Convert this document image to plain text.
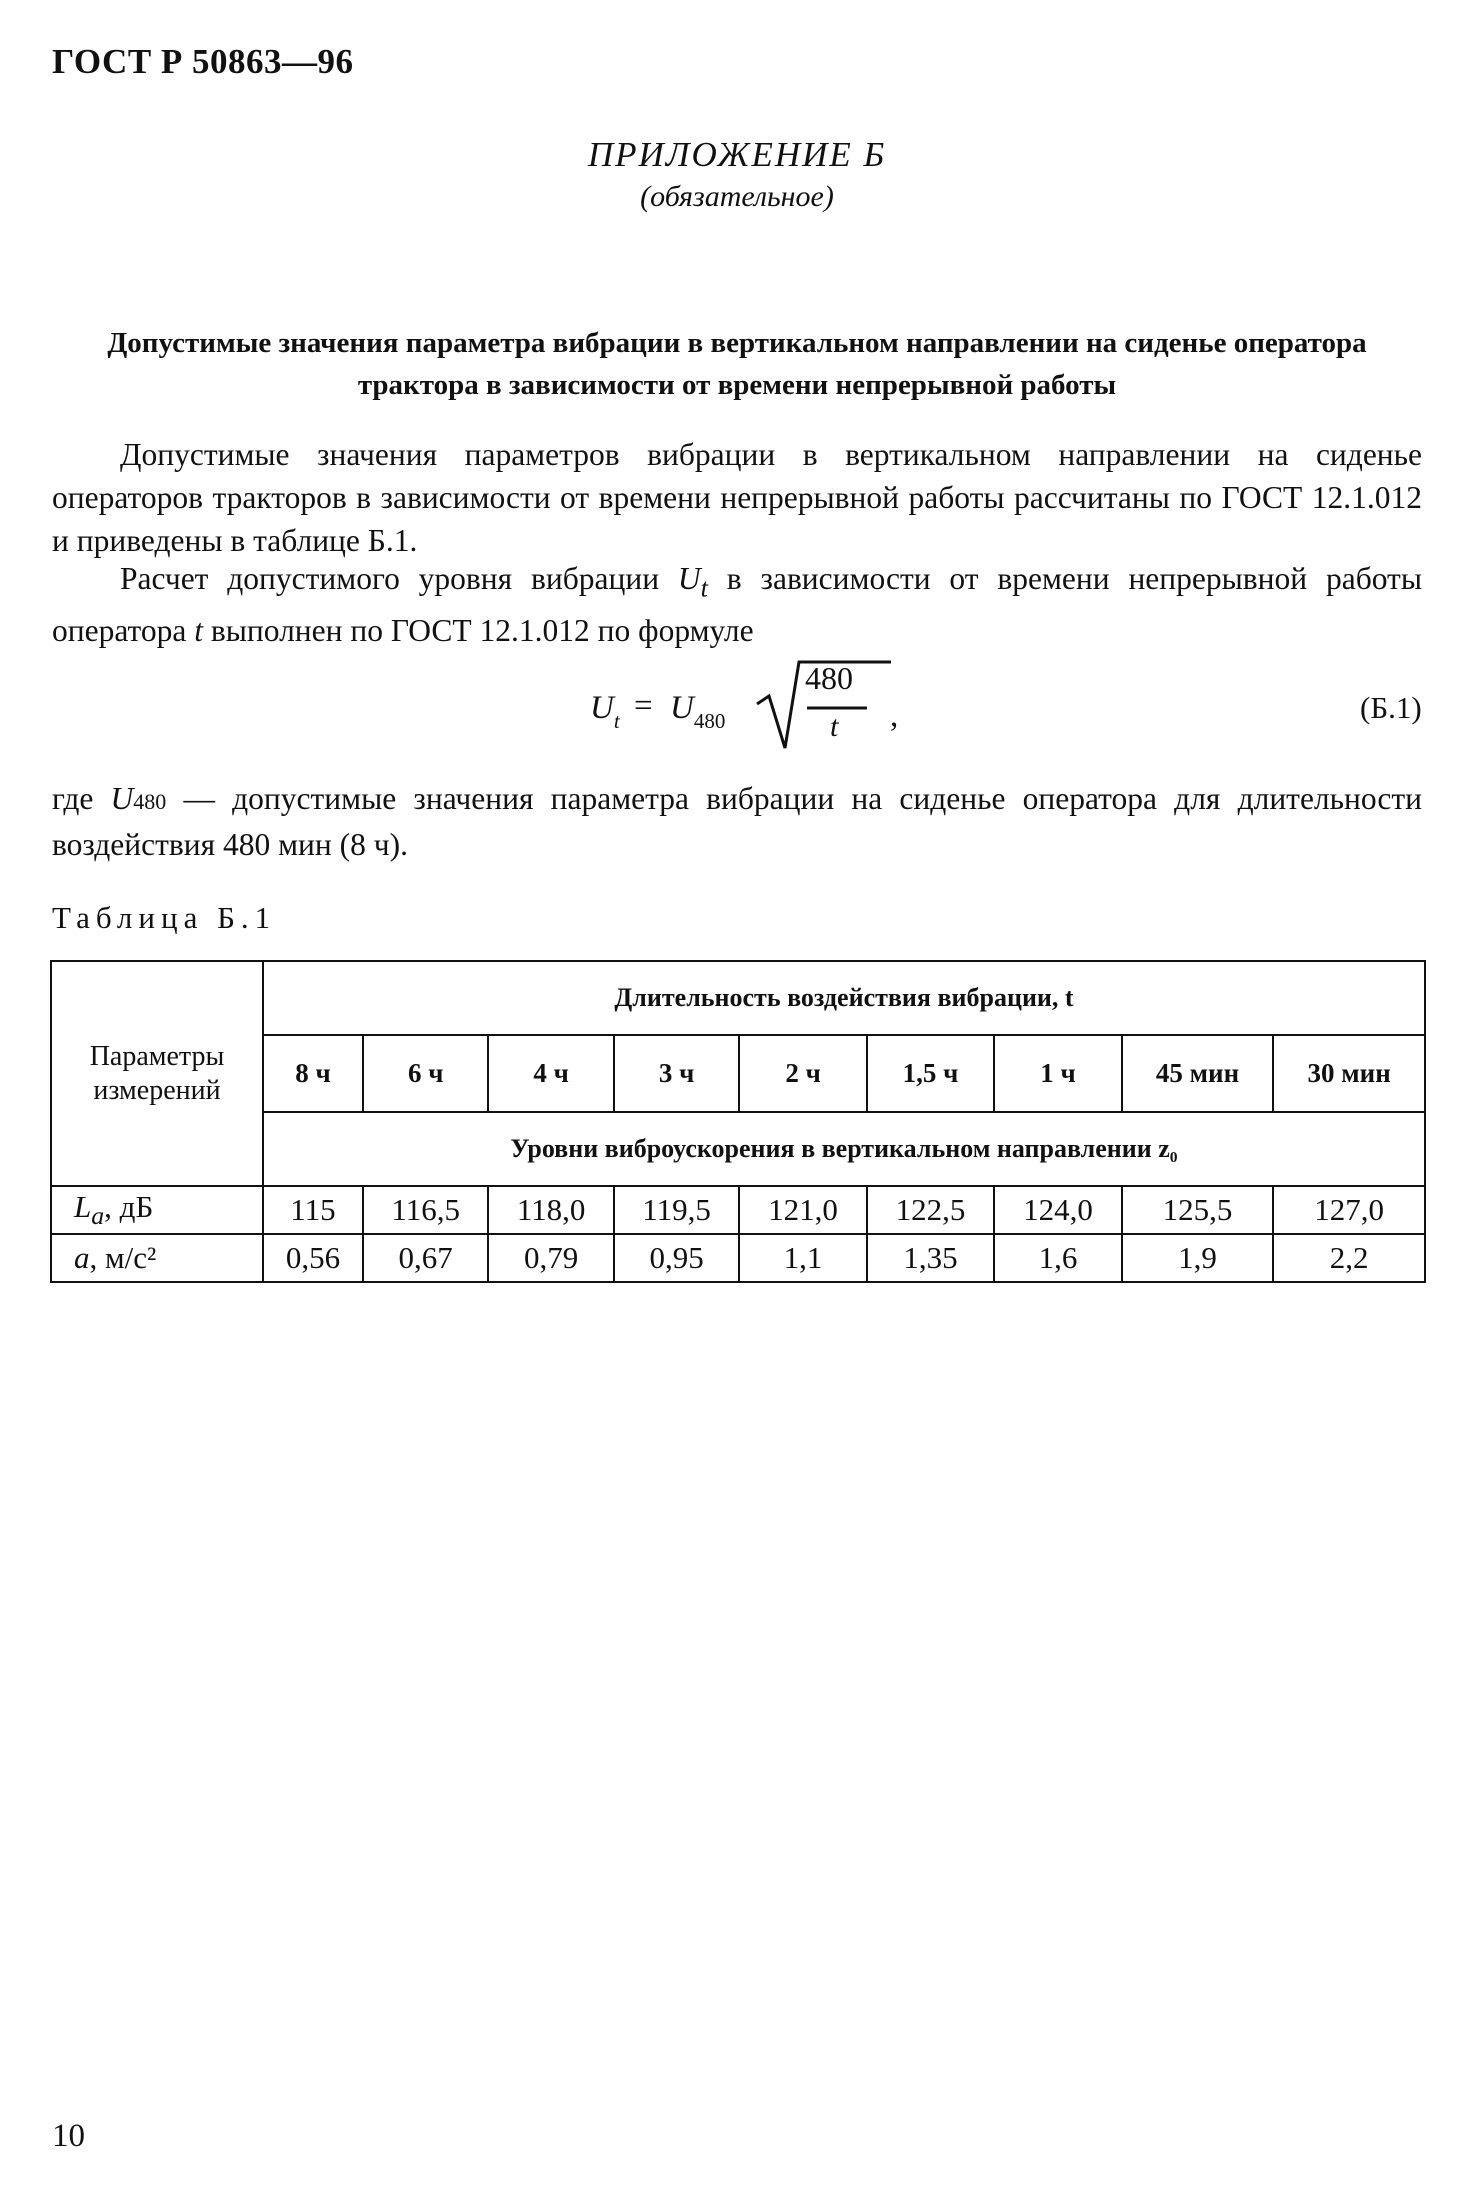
ГОСТ Р 50863—96
ПРИЛОЖЕНИЕ Б
(обязательное)
Допустимые значения параметра вибрации в вертикальном направлении на сиденье оператора трактора в зависимости от времени непрерывной работы
Допустимые значения параметров вибрации в вертикальном направлении на сиденье операторов тракторов в зависимости от времени непрерывной работы рассчитаны по ГОСТ 12.1.012 и приведены в таблице Б.1.
Расчет допустимого уровня вибрации $U_t$ в зависимости от времени непрерывной работы оператора t выполнен по ГОСТ 12.1.012 по формуле
$U_t = U_{480}$
480
t ,	(Б.1)
где U480 — допустимые значения параметра вибрации на сиденье оператора для длительности воздействия 480 мин (8 ч).
Таблица Б.1
Параметры измерений	Длительность воздействия вибрации, t								
	8 ч	6 ч	4 ч	3 ч	2 ч	1,5 ч	1 ч	45 мин	30 мин
	Уровни виброускорения в вертикальном направлении z₀								
$L_a$, дБ	115	116,5	118,0	119,5	121,0	122,5	124,0	125,5	127,0
a, м/с²	0,56	0,67	0,79	0,95	1,1	1,35	1,6	1,9	2,2
10
